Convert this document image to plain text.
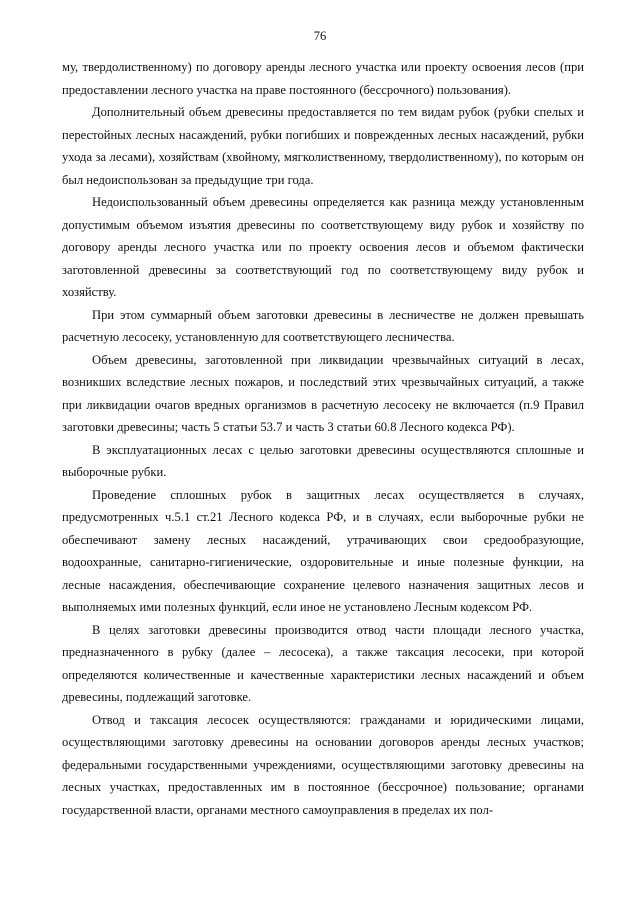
76

му, твердолиственному) по договору аренды лесного участка или проекту освоения лесов (при предоставлении лесного участка на праве постоянного (бессрочного) пользования).

Дополнительный объем древесины предоставляется по тем видам рубок (рубки спелых и перестойных лесных насаждений, рубки погибших и поврежденных лесных насаждений, рубки ухода за лесами), хозяйствам (хвойному, мягколиственному, твердолиственному), по которым он был недоиспользован за предыдущие три года.

Недоиспользованный объем древесины определяется как разница между установленным допустимым объемом изъятия древесины по соответствующему виду рубок и хозяйству по договору аренды лесного участка или по проекту освоения лесов и объемом фактически заготовленной древесины за соответствующий год по соответствующему виду рубок и хозяйству.

При этом суммарный объем заготовки древесины в лесничестве не должен превышать расчетную лесосеку, установленную для соответствующего лесничества.

Объем древесины, заготовленной при ликвидации чрезвычайных ситуаций в лесах, возникших вследствие лесных пожаров, и последствий этих чрезвычайных ситуаций, а также при ликвидации очагов вредных организмов в расчетную лесосеку не включается (п.9 Правил заготовки древесины; часть 5 статьи 53.7 и часть 3 статьи 60.8 Лесного кодекса РФ).

В эксплуатационных лесах с целью заготовки древесины осуществляются сплошные и выборочные рубки.

Проведение сплошных рубок в защитных лесах осуществляется в случаях, предусмотренных ч.5.1 ст.21 Лесного кодекса РФ, и в случаях, если выборочные рубки не обеспечивают замену лесных насаждений, утрачивающих свои средообразующие, водоохранные, санитарно-гигиенические, оздоровительные и иные полезные функции, на лесные насаждения, обеспечивающие сохранение целевого назначения защитных лесов и выполняемых ими полезных функций, если иное не установлено Лесным кодексом РФ.

В целях заготовки древесины производится отвод части площади лесного участка, предназначенного в рубку (далее – лесосека), а также таксация лесосеки, при которой определяются количественные и качественные характеристики лесных насаждений и объем древесины, подлежащий заготовке.

Отвод и таксация лесосек осуществляются: гражданами и юридическими лицами, осуществляющими заготовку древесины на основании договоров аренды лесных участков; федеральными государственными учреждениями, осуществляющими заготовку древесины на лесных участках, предоставленных им в постоянное (бессрочное) пользование; органами государственной власти, органами местного самоуправления в пределах их пол-
